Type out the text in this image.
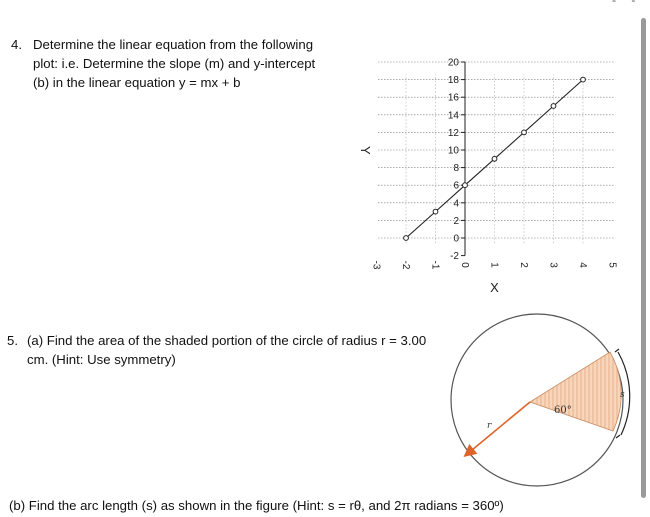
- -
4. Determine the linear equation from the following plot: i.e. Determine the slope (m) and y-intercept (b) in the linear equation y = mx + b
5. (a) Find the area of the shaded portion of the circle of radius r = 3.00 cm. (Hint: Use symmetry)
(b) Find the arc length (s) as shown in the figure (Hint: s = rθ, and 2π radians = 360º)
-2
0
2
4
6
8
10
12
14
16
18
20
-3 -2 -1 0 1 2 3 4 5
X
Y
60°
r
s
